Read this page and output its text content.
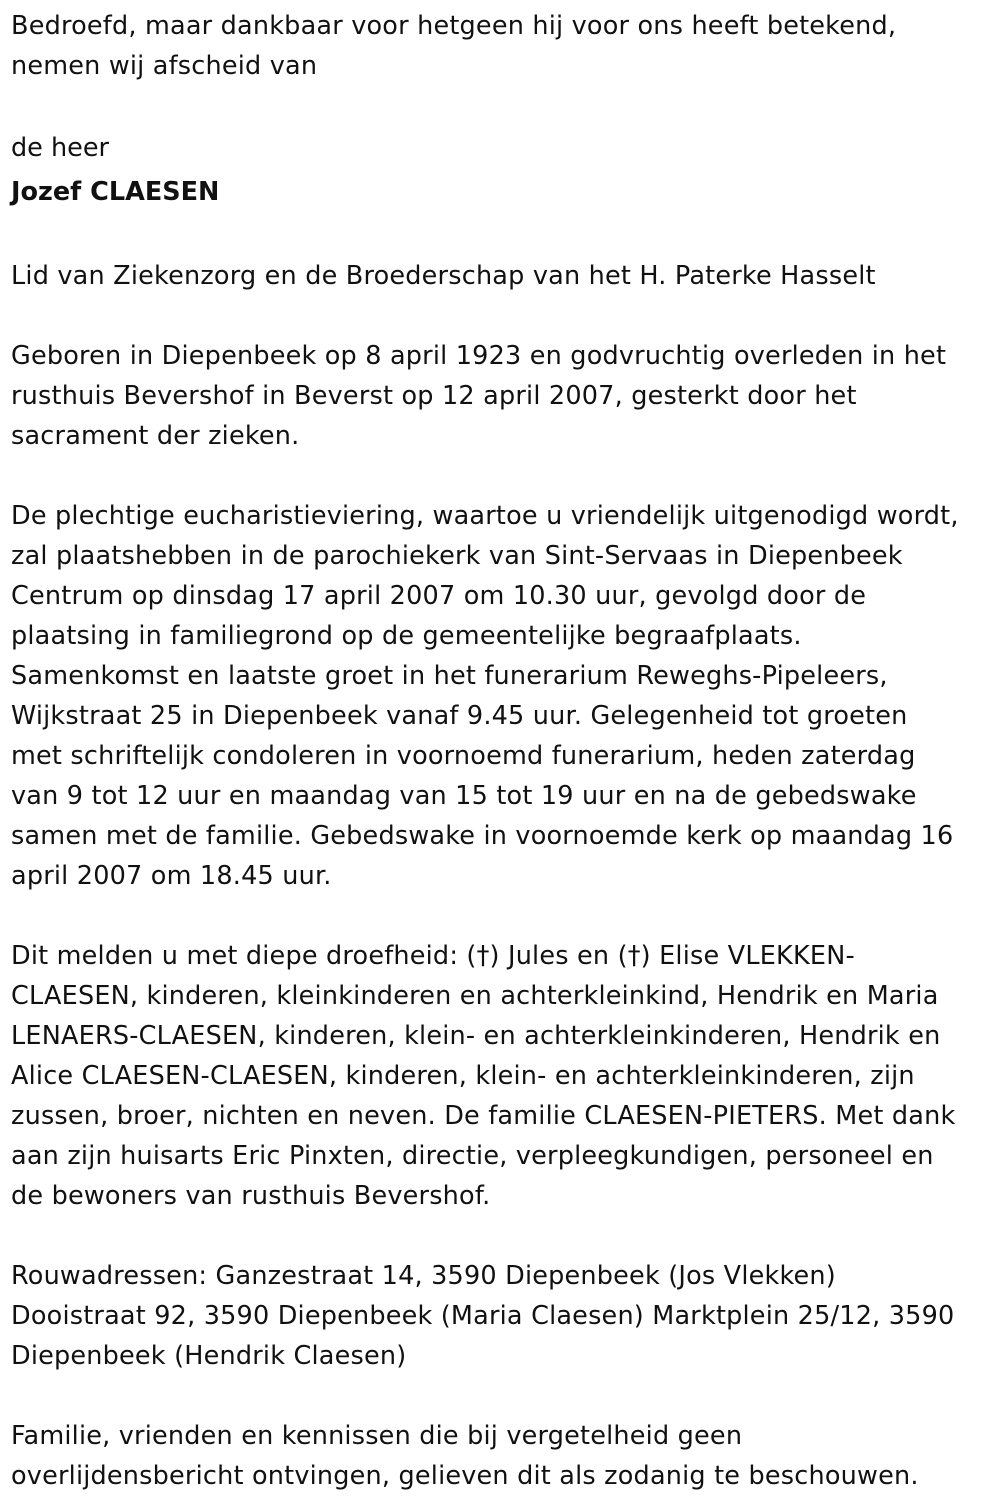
Bedroefd, maar dankbaar voor hetgeen hij voor ons heeft betekend,
nemen wij afscheid van

de heer

Jozef CLAESEN

Lid van Ziekenzorg en de Broederschap van het H. Paterke Hasselt

Geboren in Diepenbeek op 8 april 1923 en godvruchtig overleden in het
rusthuis Bevershof in Beverst op 12 april 2007, gesterkt door het
sacrament der zieken.

De plechtige eucharistieviering, waartoe u vriendelijk uitgenodigd wordt,
zal plaatshebben in de parochiekerk van Sint-Servaas in Diepenbeek
Centrum op dinsdag 17 april 2007 om 10.30 uur, gevolgd door de
plaatsing in familiegrond op de gemeentelijke begraafplaats.
Samenkomst en laatste groet in het funerarium Reweghs-Pipeleers,
Wijkstraat 25 in Diepenbeek vanaf 9.45 uur. Gelegenheid tot groeten
met schriftelijk condoleren in voornoemd funerarium, heden zaterdag
van 9 tot 12 uur en maandag van 15 tot 19 uur en na de gebedswake
samen met de familie. Gebedswake in voornoemde kerk op maandag 16
april 2007 om 18.45 uur.

Dit melden u met diepe droefheid: (†) Jules en (†) Elise VLEKKEN-
CLAESEN, kinderen, kleinkinderen en achterkleinkind, Hendrik en Maria
LENAERS-CLAESEN, kinderen, klein- en achterkleinkinderen, Hendrik en
Alice CLAESEN-CLAESEN, kinderen, klein- en achterkleinkinderen, zijn
zussen, broer, nichten en neven. De familie CLAESEN-PIETERS. Met dank
aan zijn huisarts Eric Pinxten, directie, verpleegkundigen, personeel en
de bewoners van rusthuis Bevershof.

Rouwadressen: Ganzestraat 14, 3590 Diepenbeek (Jos Vlekken)
Dooistraat 92, 3590 Diepenbeek (Maria Claesen) Marktplein 25/12, 3590
Diepenbeek (Hendrik Claesen)

Familie, vrienden en kennissen die bij vergetelheid geen
overlijdensbericht ontvingen, gelieven dit als zodanig te beschouwen.
